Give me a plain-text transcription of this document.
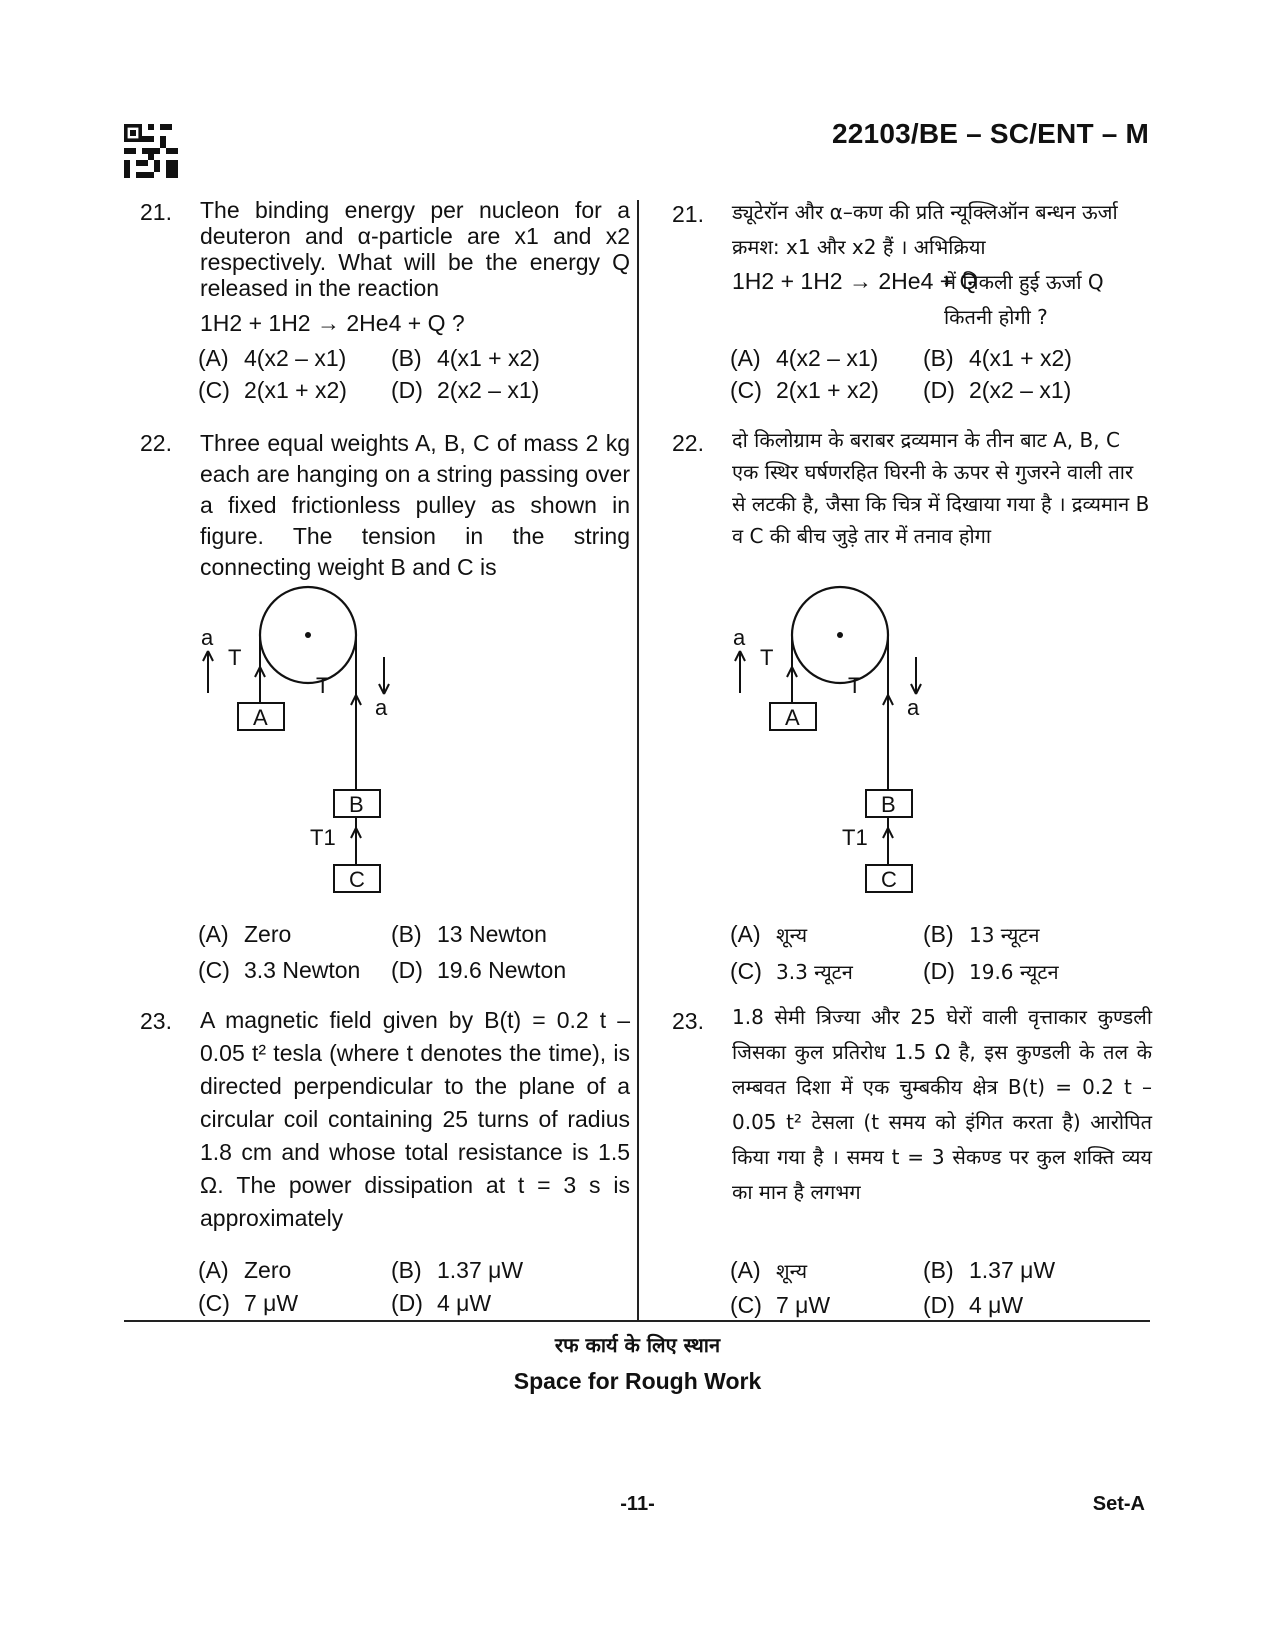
22103/BE – SC/ENT – M
21. The binding energy per nucleon for a deuteron and α-particle are x1 and x2 respectively. What will be the energy Q released in the reaction
1H2 + 1H2 → 2He4 + Q ?
(A) 4(x2 – x1) (B) 4(x1 + x2)
(C) 2(x1 + x2) (D) 2(x2 – x1)
22. Three equal weights A, B, C of mass 2 kg each are hanging on a string passing over a fixed frictionless pulley as shown in figure. The tension in the string connecting weight B and C is
a
T
T
a
A
B
T1
C
(A) Zero	(B) 13 Newton
(C) 3.3 Newton (D) 19.6 Newton
23. A magnetic field given by B(t) = 0.2 t – 0.05 t² tesla (where t denotes the time), is directed perpendicular to the plane of a circular coil containing 25 turns of radius 1.8 cm and whose total resistance is 1.5 Ω. The power dissipation at t = 3 s is approximately
(A) Zero	(B) 1.37 μW
(C) 7 μW	(D) 4 μW
21. ड्यूटेरॉन और α–कण की प्रति न्यूक्लिऑन बन्धन ऊर्जा क्रमश: x1 और x2 हैं । अभिक्रिया
1H2 + 1H2 → 2He4 + Q
में निकली हुई ऊर्जा Q कितनी होगी ?
(A) 4(x2 – x1) (B) 4(x1 + x2)
(C) 2(x1 + x2) (D) 2(x2 – x1)
22. दो किलोग्राम के बराबर द्रव्यमान के तीन बाट A, B, C एक स्थिर घर्षणरहित घिरनी के ऊपर से गुजरने वाली तार से लटकी है, जैसा कि चित्र में दिखाया गया है । द्रव्यमान B व C की बीच जुड़े तार में तनाव होगा
a
T
T
a
A
B
T1
C
(A) शून्य	(B) 13 न्यूटन
(C) 3.3 न्यूटन	(D) 19.6 न्यूटन
23. 1.8 सेमी त्रिज्या और 25 घेरों वाली वृत्ताकार कुण्डली जिसका कुल प्रतिरोध 1.5 Ω है, इस कुण्डली के तल के लम्बवत दिशा में एक चुम्बकीय क्षेत्र B(t) = 0.2 t – 0.05 t² टेसला (t समय को इंगित करता है) आरोपित किया गया है । समय t = 3 सेकण्ड पर कुल शक्ति व्यय का मान है लगभग
(A) शून्य	(B) 1.37 μW
(C) 7 μW	(D) 4 μW
रफ कार्य के लिए स्थान
Space for Rough Work
-11-	Set-A
